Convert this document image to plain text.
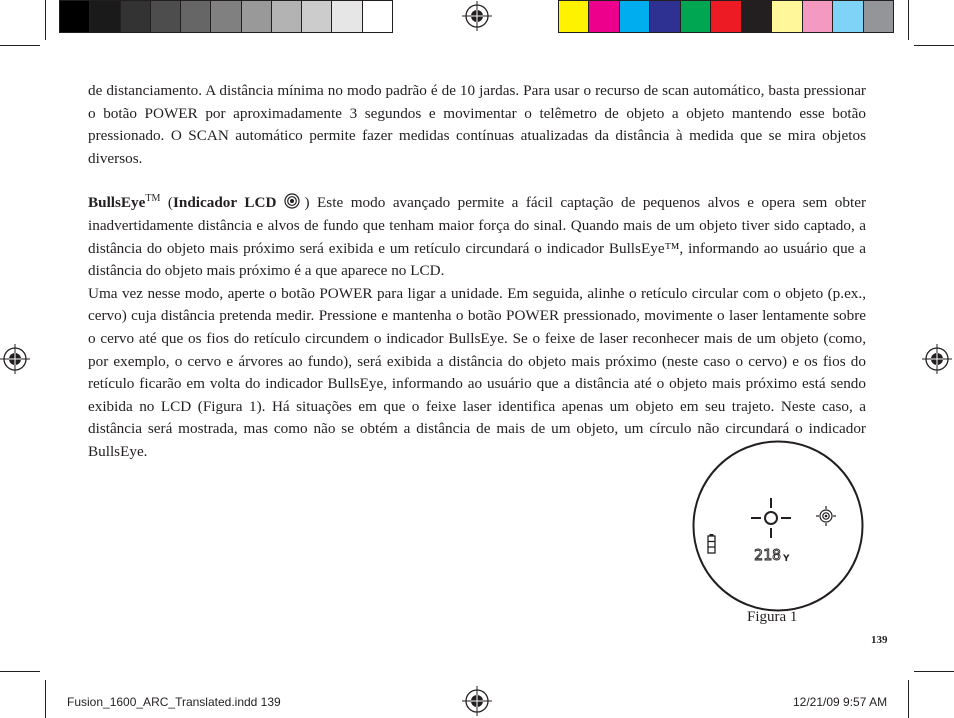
de distanciamento. A distância mínima no modo padrão é de 10 jardas. Para usar o recurso de scan automático, basta pressionar o botão POWER por aproximadamente 3 segundos e movimentar o telêmetro de objeto a objeto mantendo esse botão pressionado. O SCAN automático permite fazer medidas contínuas atualizadas da distância à medida que se mira objetos diversos.

BullsEye™ (Indicador LCD ) Este modo avançado permite a fácil captação de pequenos alvos e opera sem obter inadvertidamente distância e alvos de fundo que tenham maior força do sinal. Quando mais de um objeto tiver sido captado, a distância do objeto mais próximo será exibida e um retículo circundará o indicador BullsEye™, informando ao usuário que a distância do objeto mais próximo é a que aparece no LCD.

Uma vez nesse modo, aperte o botão POWER para ligar a unidade. Em seguida, alinhe o retículo circular com o objeto (p.ex., cervo) cuja distância pretenda medir. Pressione e mantenha o botão POWER pressionado, movimente o laser lentamente sobre o cervo até que os fios do retículo circundem o indicador BullsEye. Se o feixe de laser reconhecer mais de um objeto (como, por exemplo, o cervo e árvores ao fundo), será exibida a distância do objeto mais próximo (neste caso o cervo) e os fios do retículo ficarão em volta do indicador BullsEye, informando ao usuário que a distância até o objeto mais próximo está sendo exibida no LCD (Figura 1). Há situações em que o feixe laser identifica apenas um objeto em seu trajeto. Neste caso, a distância será mostrada, mas como não se obtém a distância de mais de um objeto, um círculo não circundará o indicador BullsEye.

218 Y
Figura 1
139
Fusion_1600_ARC_Translated.indd 139	12/21/09 9:57 AM
